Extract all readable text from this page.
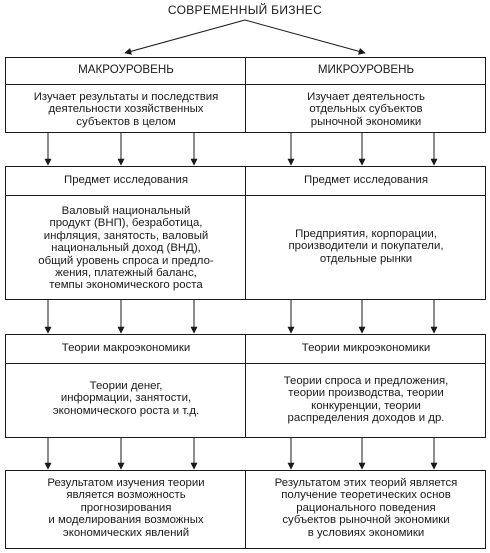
СОВРЕМЕННЫЙ БИЗНЕС
МАКРОУРОВЕНЬ
Изучает результаты и последствия
деятельности хозяйственных
субъектов в целом
Предмет исследования
Валовый национальный
продукт (ВНП), безработица,
инфляция, занятость, валовый
национальный доход (ВНД),
общий уровень спроса и предло-
жения, платежный баланс,
темпы экономического роста
Теории макроэкономики
Теории денег,
информации, занятости,
экономического роста и т.д.
Результатом изучения теории
является возможность
прогнозирования
и моделирования возможных
экономических явлений
МИКРОУРОВЕНЬ
Изучает деятельность
отдельных субъектов
рыночной экономики
Предмет исследования
Предприятия, корпорации,
производители и покупатели,
отдельные рынки
Теории микроэкономики
Теории спроса и предложения,
теории производства, теории
конкуренции, теории
распределения доходов и др.
Результатом этих теорий является
получение теоретических основ
рационального поведения
субъектов рыночной экономики
в условиях экономики
